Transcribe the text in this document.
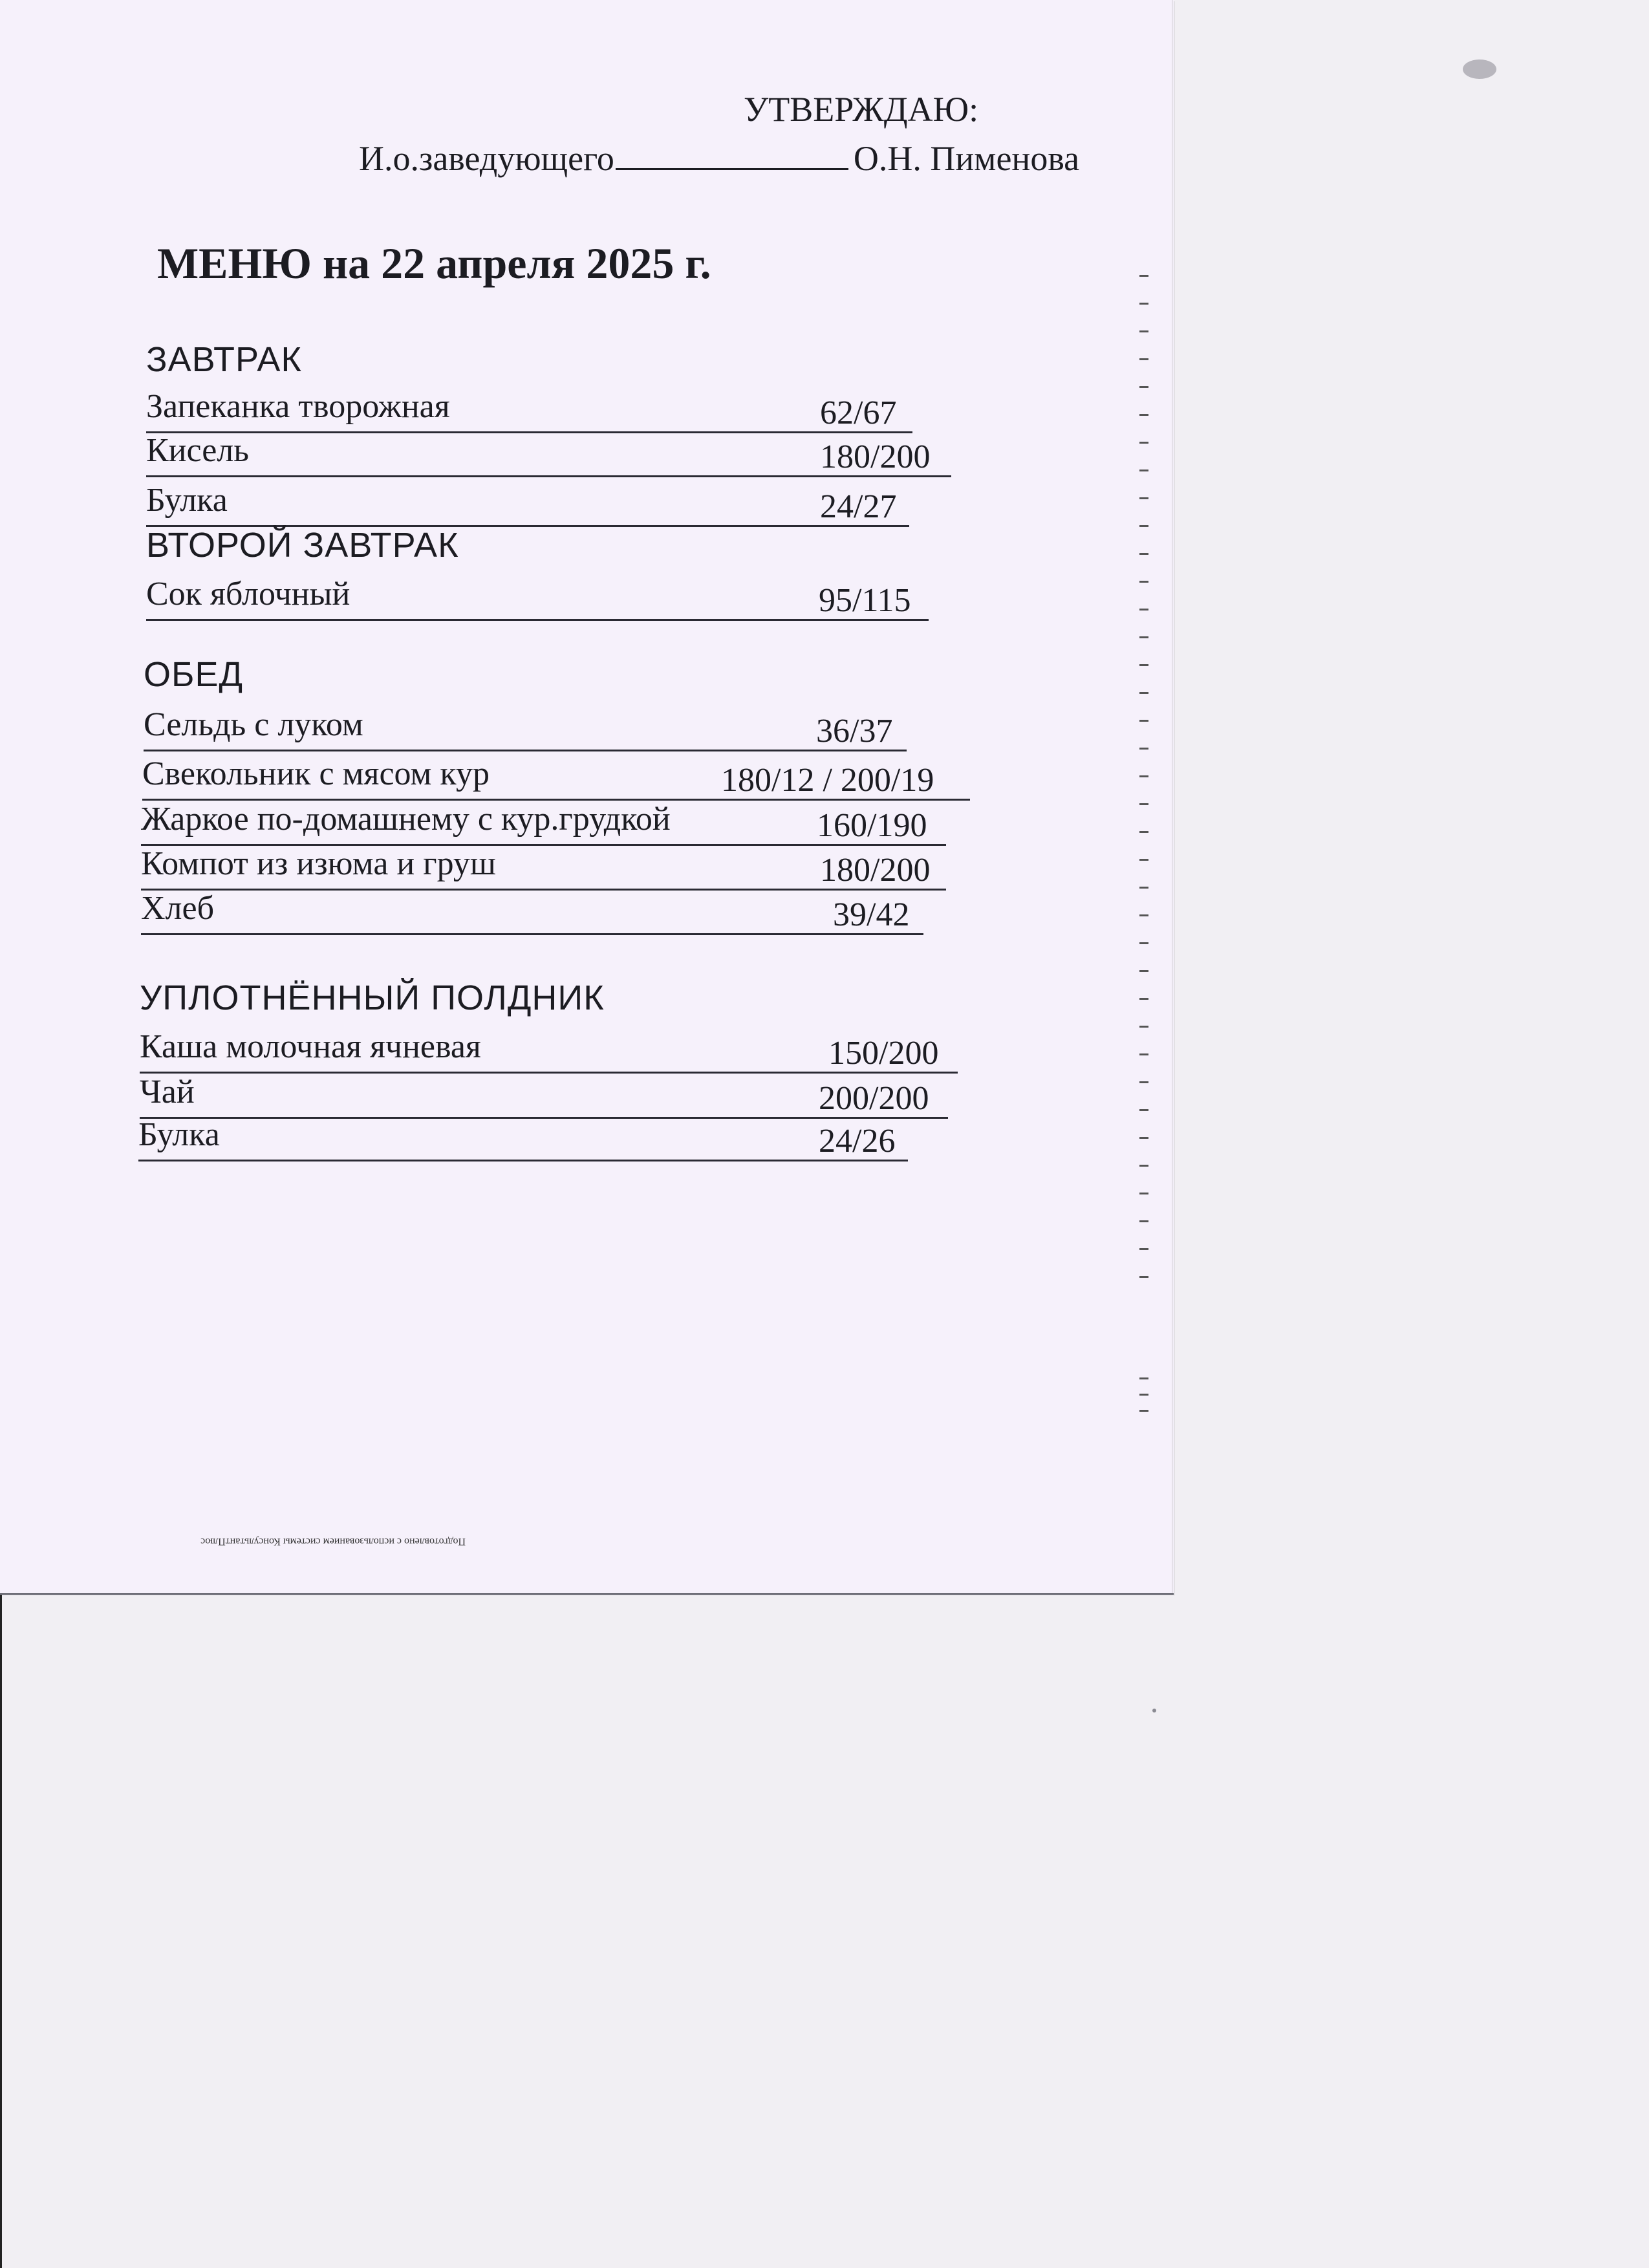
УТВЕРЖДАЮ:
И.о.заведующего	О.Н. Пименова
МЕНЮ на 22 апреля 2025 г.
ЗАВТРАК
Запеканка творожная	62/67
Кисель	180/200
Булка	24/27
ВТОРОЙ ЗАВТРАК
Сок яблочный	95/115
ОБЕД
Сельдь с луком	36/37
Свекольник с мясом кур	180/12 / 200/19
Жаркое по-домашнему с кур.грудкой	160/190
Компот из изюма и груш	180/200
Хлеб	39/42
УПЛОТНЁННЫЙ ПОЛДНИК
Каша молочная ячневая	150/200
Чай	200/200
Булка	24/26
Подготовлено с использованием системы КонсультантПлюс
